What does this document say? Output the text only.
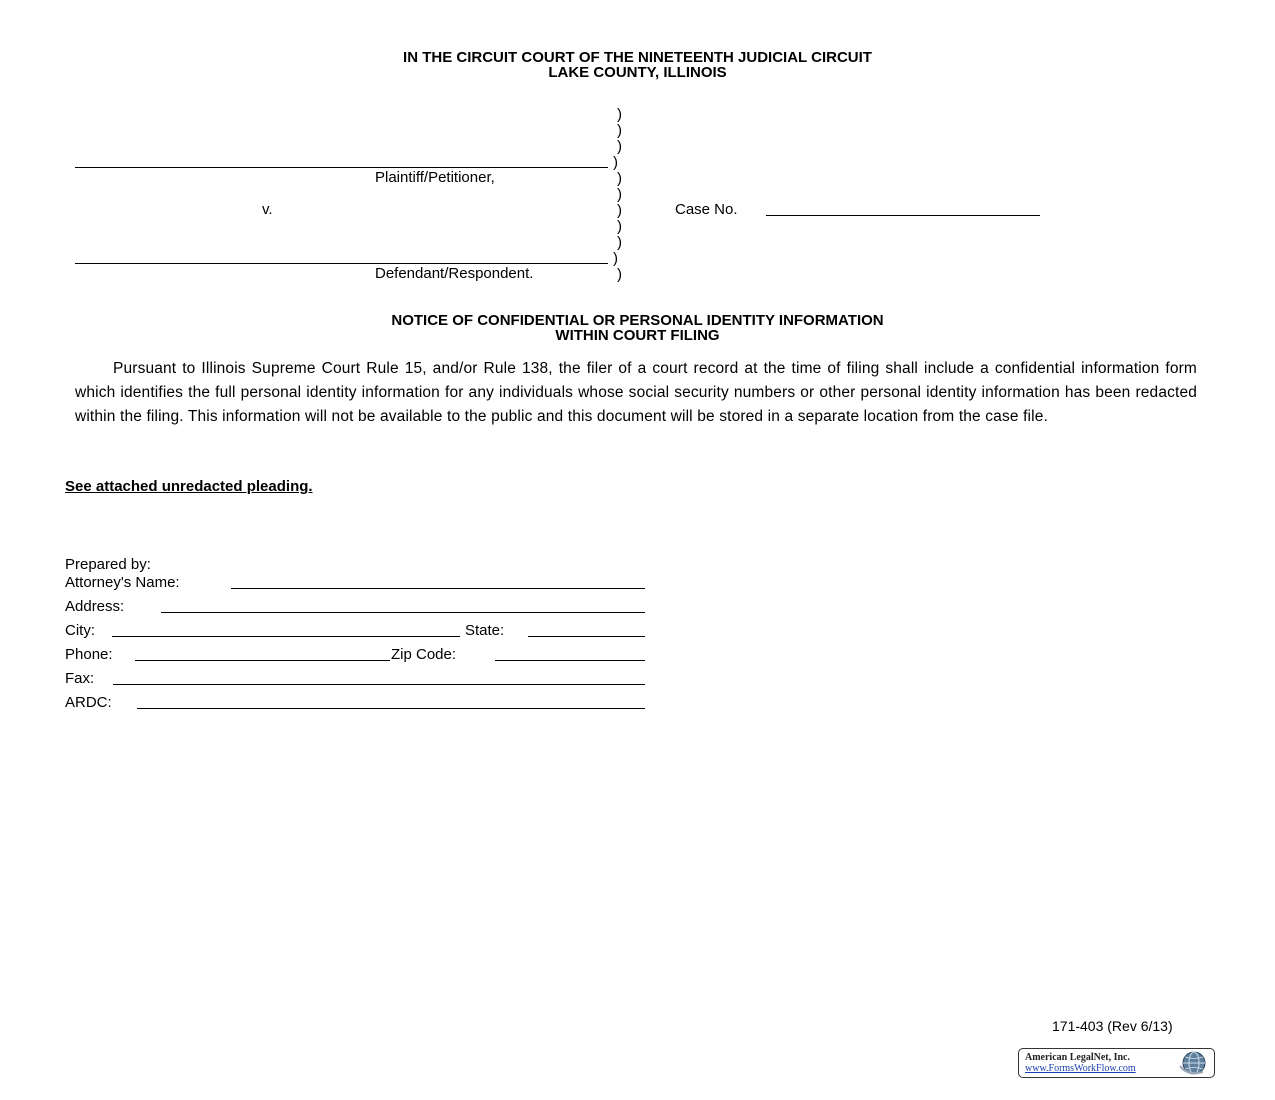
IN THE CIRCUIT COURT OF THE NINETEENTH JUDICIAL CIRCUIT
LAKE COUNTY, ILLINOIS
)
)
)
)
)
)
)
)
)
)
)
Plaintiff/Petitioner,
v.	Case No.
Defendant/Respondent.
NOTICE OF CONFIDENTIAL OR PERSONAL IDENTITY INFORMATION
WITHIN COURT FILING
Pursuant to Illinois Supreme Court Rule 15, and/or Rule 138, the filer of a court record at the time of filing shall include a confidential information form which identifies the full personal identity information for any individuals whose social security numbers or other personal identity information has been redacted within the filing. This information will not be available to the public and this document will be stored in a separate location from the case file.
See attached unredacted pleading.
Prepared by:
Attorney's Name:
Address:
City:	State:
Phone:	Zip Code:
Fax:
ARDC:
171-403 (Rev 6/13)
American LegalNet, Inc.
www.FormsWorkFlow.com
